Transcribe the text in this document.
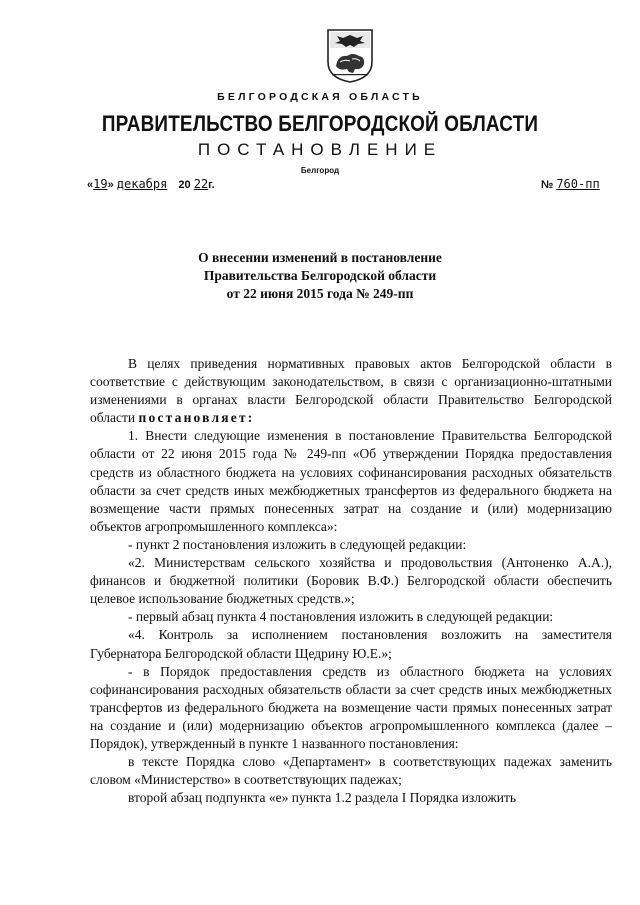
БЕЛГОРОДСКАЯ ОБЛАСТЬ
ПРАВИТЕЛЬСТВО БЕЛГОРОДСКОЙ ОБЛАСТИ
ПОСТАНОВЛЕНИЕ
Белгород
«19» декабря 20 22г.	№ 760-пп
О внесении изменений в постановление
Правительства Белгородской области
от 22 июня 2015 года № 249-пп

В целях приведения нормативных правовых актов Белгородской области в соответствие с действующим законодательством, в связи с организационно-штатными изменениями в органах власти Белгородской области Правительство Белгородской области постановляет:

1. Внести следующие изменения в постановление Правительства Белгородской области от 22 июня 2015 года № 249-пп «Об утверждении Порядка предоставления средств из областного бюджета на условиях софинансирования расходных обязательств области за счет средств иных межбюджетных трансфертов из федерального бюджета на возмещение части прямых понесенных затрат на создание и (или) модернизацию объектов агропромышленного комплекса»:

- пункт 2 постановления изложить в следующей редакции:

«2. Министерствам сельского хозяйства и продовольствия (Антоненко А.А.), финансов и бюджетной политики (Боровик В.Ф.) Белгородской области обеспечить целевое использование бюджетных средств.»;

- первый абзац пункта 4 постановления изложить в следующей редакции:

«4. Контроль за исполнением постановления возложить на заместителя Губернатора Белгородской области Щедрину Ю.Е.»;

- в Порядок предоставления средств из областного бюджета на условиях софинансирования расходных обязательств области за счет средств иных межбюджетных трансфертов из федерального бюджета на возмещение части прямых понесенных затрат на создание и (или) модернизацию объектов агропромышленного комплекса (далее – Порядок), утвержденный в пункте 1 названного постановления:

в тексте Порядка слово «Департамент» в соответствующих падежах заменить словом «Министерство» в соответствующих падежах;

второй абзац подпункта «е» пункта 1.2 раздела I Порядка изложить
